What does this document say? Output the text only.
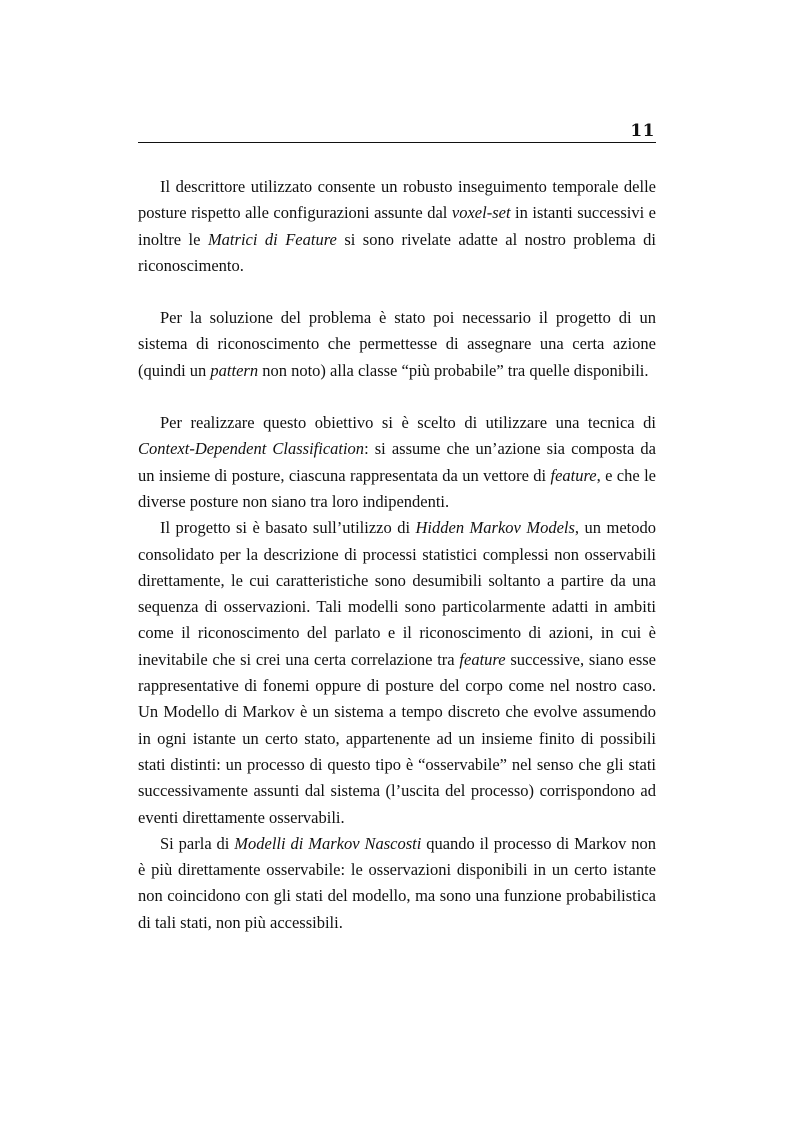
11

Il descrittore utilizzato consente un robusto inseguimento temporale delle posture rispetto alle configurazioni assunte dal voxel-set in istanti successivi e inoltre le Matrici di Feature si sono rivelate adatte al nostro problema di riconoscimento.

Per la soluzione del problema è stato poi necessario il progetto di un sistema di riconoscimento che permettesse di assegnare una certa azione (quindi un pattern non noto) alla classe “più probabile” tra quelle disponibili.

Per realizzare questo obiettivo si è scelto di utilizzare una tecnica di Context-Dependent Classification: si assume che un’azione sia composta da un insieme di posture, ciascuna rappresentata da un vettore di feature, e che le diverse posture non siano tra loro indipendenti.

Il progetto si è basato sull’utilizzo di Hidden Markov Models, un metodo consolidato per la descrizione di processi statistici complessi non osservabili direttamente, le cui caratteristiche sono desumibili soltanto a partire da una sequenza di osservazioni. Tali modelli sono particolarmente adatti in ambiti come il riconoscimento del parlato e il riconoscimento di azioni, in cui è inevitabile che si crei una certa correlazione tra feature successive, siano esse rappresentative di fonemi oppure di posture del corpo come nel nostro caso. Un Modello di Markov è un sistema a tempo discreto che evolve assumendo in ogni istante un certo stato, appartenente ad un insieme finito di possibili stati distinti: un processo di questo tipo è “osservabile” nel senso che gli stati successivamente assunti dal sistema (l’uscita del processo) corrispondono ad eventi direttamente osservabili.

Si parla di Modelli di Markov Nascosti quando il processo di Markov non è più direttamente osservabile: le osservazioni disponibili in un certo istante non coincidono con gli stati del modello, ma sono una funzione probabilistica di tali stati, non più accessibili.
